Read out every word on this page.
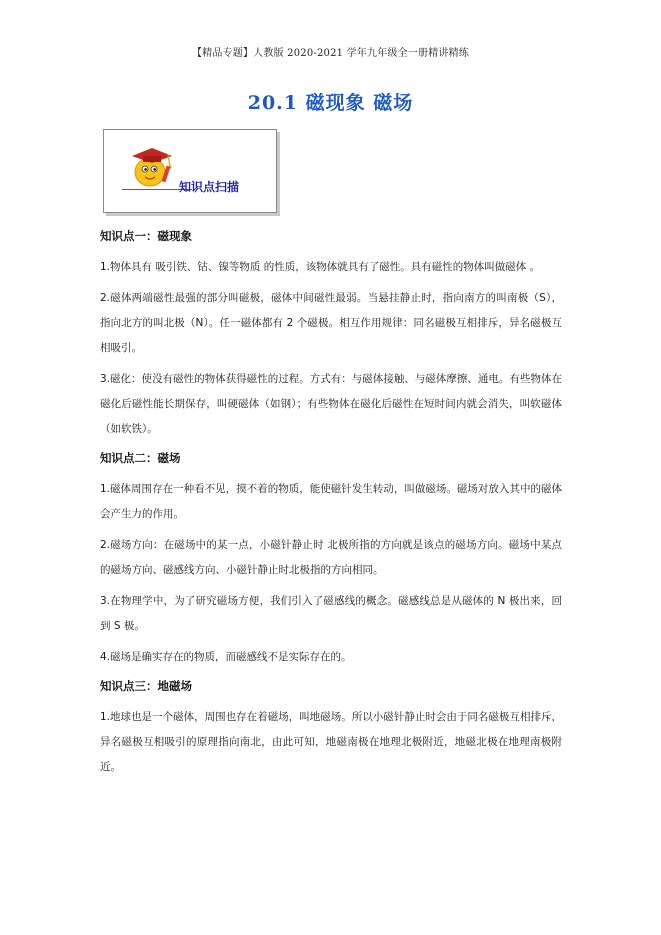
【精品专题】人教版 2020-2021 学年九年级全一册精讲精练
20.1 磁现象 磁场
知识点扫描
知识点一：磁现象

1.物体具有 吸引铁、钴、镍等物质 的性质，该物体就具有了磁性。具有磁性的物体叫做磁体 。

2.磁体两端磁性最强的部分叫磁极，磁体中间磁性最弱。当悬挂静止时，指向南方的叫南极（S），指向北方的叫北极（N）。任一磁体都有 2 个磁极。相互作用规律：同名磁极互相排斥，异名磁极互相吸引。

3.磁化：使没有磁性的物体获得磁性的过程。方式有：与磁体接触、与磁体摩擦、通电。有些物体在磁化后磁性能长期保存，叫硬磁体（如钢）；有些物体在磁化后磁性在短时间内就会消失，叫软磁体（如软铁）。

知识点二：磁场

1.磁体周围存在一种看不见，摸不着的物质，能使磁针发生转动，叫做磁场。磁场对放入其中的磁体会产生力的作用。

2.磁场方向：在磁场中的某一点，小磁针静止时 北极所指的方向就是该点的磁场方向。磁场中某点的磁场方向、磁感线方向、小磁针静止时北极指的方向相同。

3.在物理学中，为了研究磁场方便，我们引入了磁感线的概念。磁感线总是从磁体的 N 极出来，回到 S 极。

4.磁场是确实存在的物质，而磁感线不是实际存在的。

知识点三：地磁场

1.地球也是一个磁体，周围也存在着磁场，叫地磁场。所以小磁针静止时会由于同名磁极互相排斥，异名磁极互相吸引的原理指向南北，由此可知，地磁南极在地理北极附近，地磁北极在地理南极附近。
